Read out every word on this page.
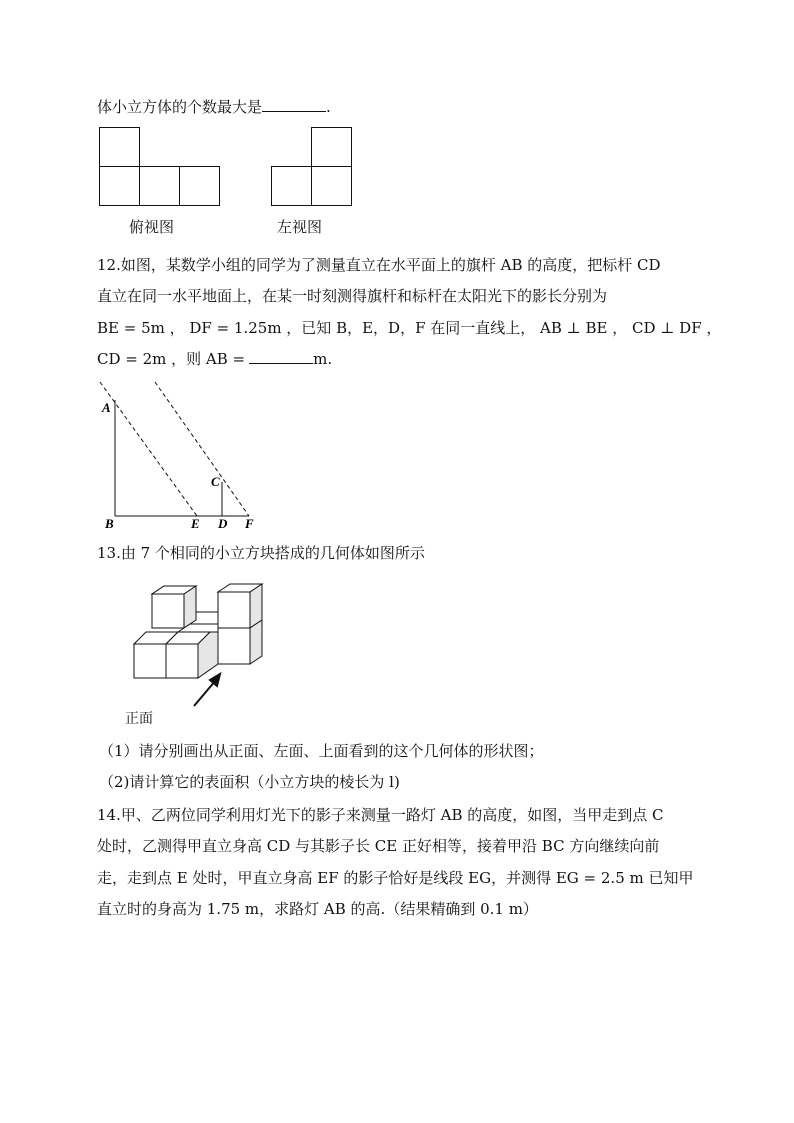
体小立方体的个数最大是	.
俯视图	左视图
12.如图，某数学小组的同学为了测量直立在水平面上的旗杆 AB 的高度，把标杆 CD
直立在同一水平地面上，在某一时刻测得旗杆和标杆在太阳光下的影长分别为
BE = 5m ， DF = 1.25m ，已知 B，E，D，F 在同一直线上， AB ⊥ BE ， CD ⊥ DF ，
CD = 2m ，则 AB =	m.
A
B	E
C
D F
13.由 7 个相同的小立方块搭成的几何体如图所示
正面
（1）请分别画出从正面、左面、上面看到的这个几何体的形状图；
（2)请计算它的表面积（小立方块的棱长为 l)
14.甲、乙两位同学利用灯光下的影子来测量一路灯 AB 的高度，如图，当甲走到点 C
处时，乙测得甲直立身高 CD 与其影子长 CE 正好相等，接着甲沿 BC 方向继续向前
走，走到点 E 处时，甲直立身高 EF 的影子恰好是线段 EG，并测得 EG = 2.5 m 已知甲
直立时的身高为 1.75 m，求路灯 AB 的高.（结果精确到 0.1 m）
